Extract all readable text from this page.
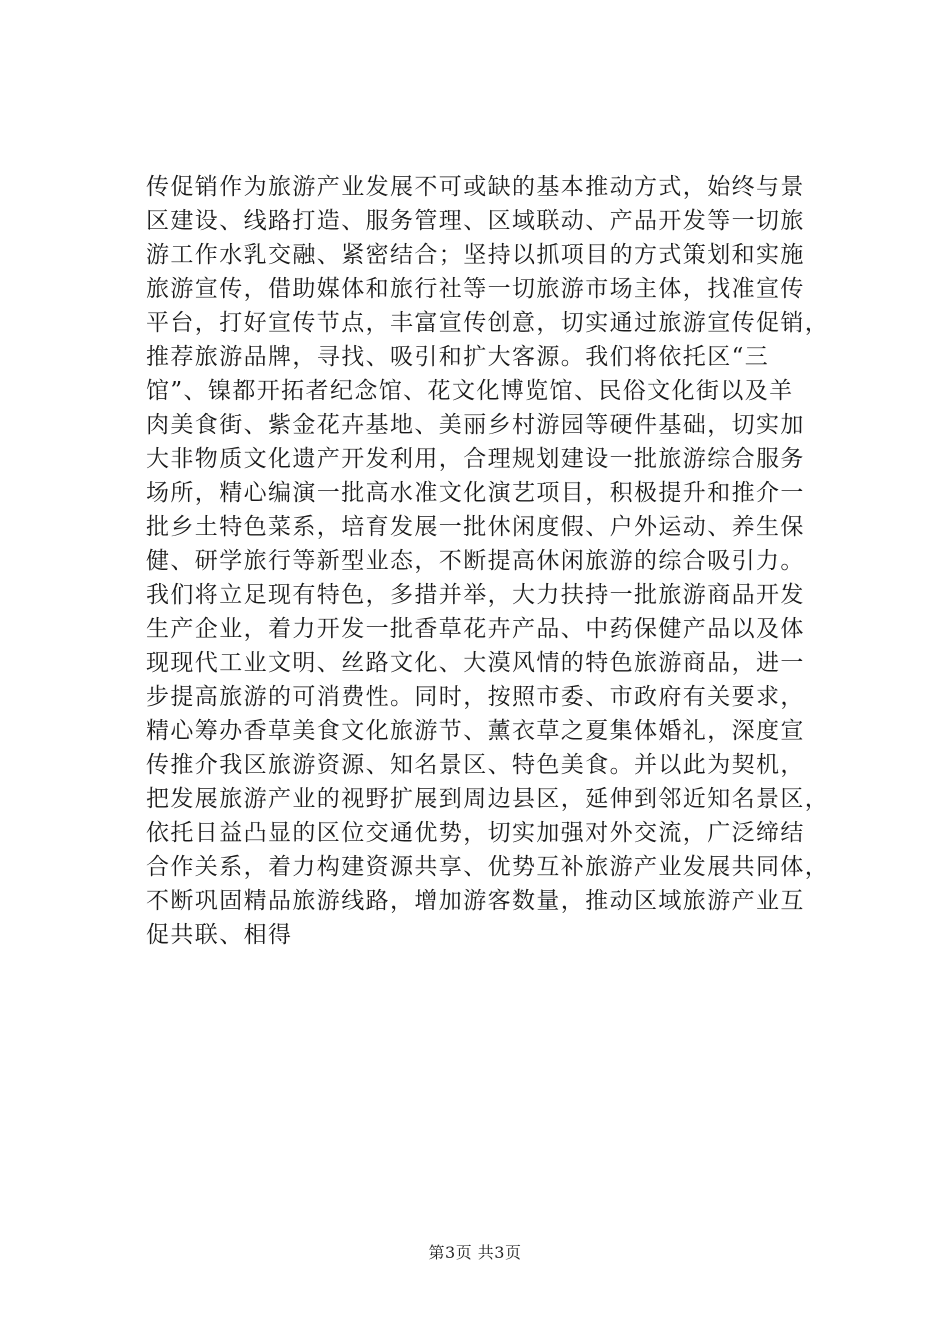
传促销作为旅游产业发展不可或缺的基本推动方式，始终与景
区建设、线路打造、服务管理、区域联动、产品开发等一切旅
游工作水乳交融、紧密结合；坚持以抓项目的方式策划和实施
旅游宣传，借助媒体和旅行社等一切旅游市场主体，找准宣传
平台，打好宣传节点，丰富宣传创意，切实通过旅游宣传促销，
推荐旅游品牌，寻找、吸引和扩大客源。我们将依托区“三
馆”、镍都开拓者纪念馆、花文化博览馆、民俗文化街以及羊
肉美食街、紫金花卉基地、美丽乡村游园等硬件基础，切实加
大非物质文化遗产开发利用，合理规划建设一批旅游综合服务
场所，精心编演一批高水准文化演艺项目，积极提升和推介一
批乡土特色菜系，培育发展一批休闲度假、户外运动、养生保
健、研学旅行等新型业态，不断提高休闲旅游的综合吸引力。
我们将立足现有特色，多措并举，大力扶持一批旅游商品开发
生产企业，着力开发一批香草花卉产品、中药保健产品以及体
现现代工业文明、丝路文化、大漠风情的特色旅游商品，进一
步提高旅游的可消费性。同时，按照市委、市政府有关要求，
精心筹办香草美食文化旅游节、薰衣草之夏集体婚礼，深度宣
传推介我区旅游资源、知名景区、特色美食。并以此为契机，
把发展旅游产业的视野扩展到周边县区，延伸到邻近知名景区，
依托日益凸显的区位交通优势，切实加强对外交流，广泛缔结
合作关系，着力构建资源共享、优势互补旅游产业发展共同体，
不断巩固精品旅游线路，增加游客数量，推动区域旅游产业互
促共联、相得
第3页 共3页
